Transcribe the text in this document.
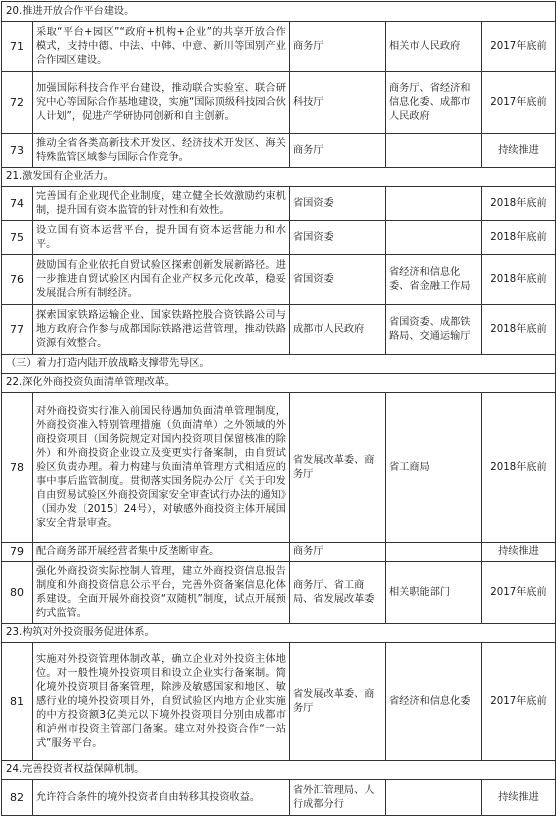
20.推进开放合作平台建设。				
71	采取“平台+园区”“政府+机构+企业”的共享开放合作模式，支持中德、中法、中韩、中意、新川等国别产业合作园区建设。	商务厅	相关市人民政府	2017年底前
72	加强国际科技合作平台建设，推动联合实验室、联合研究中心等国际合作基地建设，实施“国际顶级科技园合伙人计划”，促进产学研协同创新和自主创新。	科技厅	商务厅、省经济和信息化委、成都市人民政府	2017年底前
73	推动全省各类高新技术开发区、经济技术开发区、海关特殊监管区域参与国际合作竞争。	商务厅		持续推进
21.激发国有企业活力。				
74	完善国有企业现代企业制度，建立健全长效激励约束机制，提升国有资本监管的针对性和有效性。	省国资委		2018年底前
75	设立国有资本运营平台，提升国有资本运营能力和水平。	省国资委		2018年底前
76	鼓励国有企业依托自贸试验区探索创新发展新路径。进一步推进自贸试验区内国有企业产权多元化改革，稳妥发展混合所有制经济。	省国资委	省经济和信息化委、省金融工作局	2018年底前
77	探索国家铁路运输企业、国家铁路控股合资铁路公司与地方政府合作参与成都国际铁路港运营管理，推动铁路资源有效整合。	成都市人民政府	省国资委、成都铁路局、交通运输厅	2018年底前
（三）着力打造内陆开放战略支撑带先导区。				
22.深化外商投资负面清单管理改革。				
78	对外商投资实行准入前国民待遇加负面清单管理制度，外商投资准入特别管理措施（负面清单）之外领域的外商投资项目（国务院规定对国内投资项目保留核准的除外）和外商投资企业设立及变更实行备案制，由自贸试验区负责办理。着力构建与负面清单管理方式相适应的事中事后监管制度。贯彻落实国务院办公厅《关于印发自由贸易试验区外商投资国家安全审查试行办法的通知》（国办发〔2015〕24号），对敏感外商投资主体开展国家安全背景审查。	省发展改革委、商务厅	省工商局	2018年底前
79	配合商务部开展经营者集中反垄断审查。	商务厅		持续推进
80	强化外商投资实际控制人管理，建立外商投资信息报告制度和外商投资信息公示平台，完善外资备案信息化体系建设。全面开展外商投资“双随机”制度，试点开展预约式监管。	商务厅、省工商局、省发展改革委	相关职能部门	2017年底前
23.构筑对外投资服务促进体系。				
81	实施对外投资管理体制改革，确立企业对外投资主体地位。对一般性境外投资项目和设立企业实行备案制。简化境外投资项目备案管理，除涉及敏感国家和地区、敏感行业的境外投资项目外，自贸试验区内地方企业实施的中方投资额3亿美元以下境外投资项目分别由成都市和泸州市投资主管部门备案。建立对外投资合作“一站式”服务平台。	省发展改革委、商务厅	省经济和信息化委	2017年底前
24.完善投资者权益保障机制。				
82	允许符合条件的境外投资者自由转移其投资收益。	省外汇管理局、人行成都分行		持续推进
